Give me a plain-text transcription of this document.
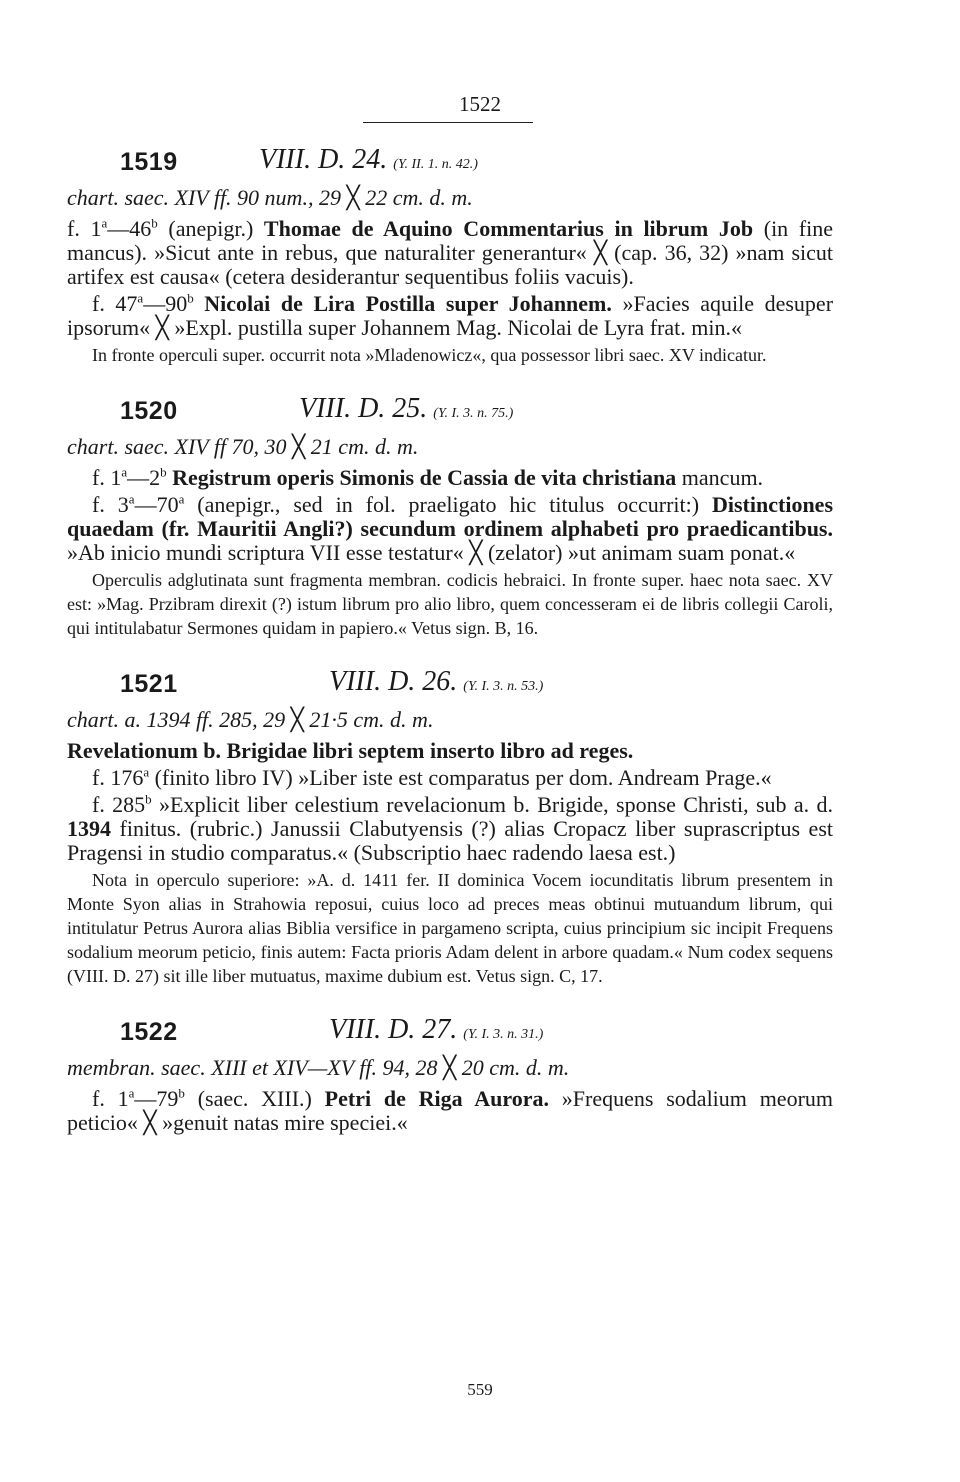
1522
1519	VIII. D. 24. (Y. II. 1. n. 42.)
chart. saec. XIV ff. 90 num., 29 ╳ 22 cm. d. m.
f. 1$^a$—46$^b$ (anepigr.) Thomae de Aquino Commentarius in librum Job (in fine mancus). »Sicut ante in rebus, que naturaliter generantur« ╳ (cap. 36, 32) »nam sicut artifex est causa« (cetera desiderantur sequentibus foliis vacuis).
f. 47$^a$—90$^b$ Nicolai de Lira Postilla super Johannem. »Facies aquile desuper ipsorum« ╳ »Expl. pustilla super Johannem Mag. Nicolai de Lyra frat. min.«
In fronte operculi super. occurrit nota »Mladenowicz«, qua possessor libri saec. XV indicatur.
1520	VIII. D. 25. (Y. I. 3. n. 75.)
chart. saec. XIV ff 70, 30 ╳ 21 cm. d. m.
f. 1$^a$—2$^b$ Registrum operis Simonis de Cassia de vita christiana mancum.
f. 3$^a$—70$^a$ (anepigr., sed in fol. praeligato hic titulus occurrit:) Distinctiones quaedam (fr. Mauritii Angli?) secundum ordinem alphabeti pro praedicantibus. »Ab inicio mundi scriptura VII esse testatur« ╳ (zelator) »ut animam suam ponat.«
Operculis adglutinata sunt fragmenta membran. codicis hebraici. In fronte super. haec nota saec. XV est: »Mag. Przibram direxit (?) istum librum pro alio libro, quem concesseram ei de libris collegii Caroli, qui intitulabatur Sermones quidam in papiero.« Vetus sign. B, 16.
1521	VIII. D. 26. (Y. I. 3. n. 53.)
chart. a. 1394 ff. 285, 29 ╳ 21·5 cm. d. m.
Revelationum b. Brigidae libri septem inserto libro ad reges.
f. 176$^a$ (finito libro IV) »Liber iste est comparatus per dom. Andream Prage.«
f. 285$^b$ »Explicit liber celestium revelacionum b. Brigide, sponse Christi, sub a. d. 1394 finitus. (rubric.) Janussii Clabutyensis (?) alias Cropacz liber suprascriptus est Pragensi in studio comparatus.« (Subscriptio haec radendo laesa est.)
Nota in operculo superiore: »A. d. 1411 fer. II dominica Vocem iocunditatis librum presentem in Monte Syon alias in Strahowia reposui, cuius loco ad preces meas obtinui mutuandum librum, qui intitulatur Petrus Aurora alias Biblia versifice in pargameno scripta, cuius principium sic incipit Frequens sodalium meorum peticio, finis autem: Facta prioris Adam delent in arbore quadam.« Num codex sequens (VIII. D. 27) sit ille liber mutuatus, maxime dubium est. Vetus sign. C, 17.
1522	VIII. D. 27. (Y. I. 3. n. 31.)
membran. saec. XIII et XIV—XV ff. 94, 28 ╳ 20 cm. d. m.
f. 1$^a$—79$^b$ (saec. XIII.) Petri de Riga Aurora. »Frequens sodalium meorum peticio« ╳ »genuit natas mire speciei.«
559
